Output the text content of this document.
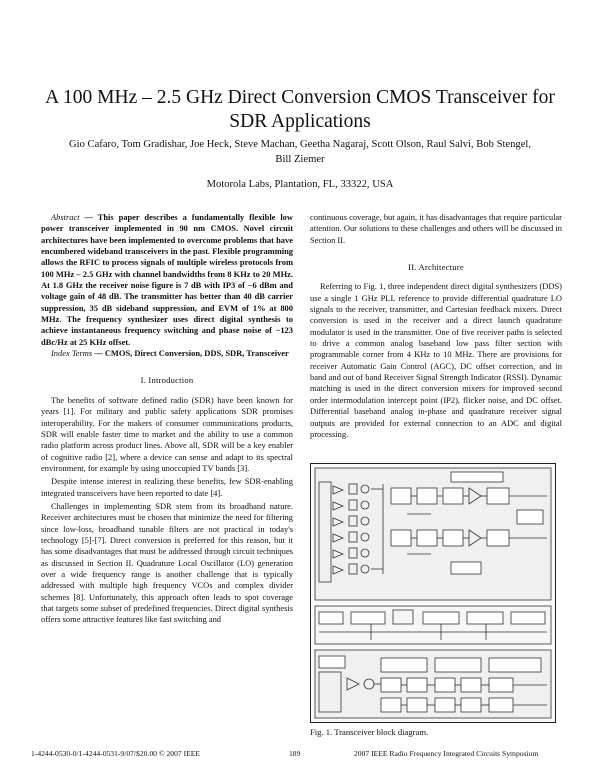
A 100 MHz – 2.5 GHz Direct Conversion CMOS Transceiver for SDR Applications
Gio Cafaro, Tom Gradishar, Joe Heck, Steve Machan, Geetha Nagaraj, Scott Olson, Raul Salvi, Bob Stengel, Bill Ziemer
Motorola Labs, Plantation, FL, 33322, USA

Abstract — This paper describes a fundamentally flexible low power transceiver implemented in 90 nm CMOS. Novel circuit architectures have been implemented to overcome problems that have encumbered wideband transceivers in the past. Flexible programming allows the RFIC to process signals of multiple wireless protocols from 100 MHz – 2.5 GHz with channel bandwidths from 8 KHz to 20 MHz. At 1.8 GHz the receiver noise figure is 7 dB with IP3 of −6 dBm and voltage gain of 48 dB. The transmitter has better than 40 dB carrier suppression, 35 dB sideband suppression, and EVM of 1% at 800 MHz. The frequency synthesizer uses direct digital synthesis to achieve instantaneous frequency switching and phase noise of −123 dBc/Hz at 25 KHz offset.

Index Terms — CMOS, Direct Conversion, DDS, SDR, Transceiver

I. Introduction

The benefits of software defined radio (SDR) have been known for years [1]. For military and public safety applications SDR promises interoperability. For the makers of consumer communications products, SDR will enable faster time to market and the ability to use a common radio platform across product lines. Above all, SDR will be a key enabler of cognitive radio [2], where a device can sense and adapt to its spectral environment, for example by using unoccupied TV bands [3].

Despite intense interest in realizing these benefits, few SDR-enabling integrated transceivers have been reported to date [4].

Challenges in implementing SDR stem from its broadband nature. Receiver architectures must be chosen that minimize the need for filtering since low-loss, broadband tunable filters are not practical in today's technology [5]-[7]. Direct conversion is preferred for this reason, but it has some disadvantages that must be addressed through circuit techniques as discussed in Section II. Quadrature Local Oscillator (LO) generation over a wide frequency range is another challenge that is typically addressed with multiple high frequency VCOs and complex divider schemes [8]. Unfortunately, this approach often leads to spot coverage that targets some subset of predefined frequencies. Direct digital synthesis offers some attractive features like fast switching and

continuous coverage, but again, it has disadvantages that require particular attention. Our solutions to these challenges and others will be discussed in Section II.

II. Architecture

Referring to Fig. 1, three independent direct digital synthesizers (DDS) use a single 1 GHz PLL reference to provide differential quadrature LO signals to the receiver, transmitter, and Cartesian feedback mixers. Direct conversion is used in the receiver and a direct launch quadrature modulator is used in the transmitter. One of five receiver paths is selected to drive a common analog baseband low pass filter section with programmable corner from 4 KHz to 10 MHz. There are provisions for receiver Automatic Gain Control (AGC), DC offset correction, and in band and out of band Receiver Signal Strength Indicator (RSSI). Dynamic matching is used in the direct conversion mixers for improved second order intermodulation intercept point (IP2), flicker noise, and DC offset. Differential baseband analog in-phase and quadrature receiver signal outputs are provided for external connection to an ADC and digital processing.

Fig. 1. Transceiver block diagram.
1-4244-0530-0/1-4244-0531-9/07/$20.00 © 2007 IEEE	189	2007 IEEE Radio Frequency Integrated Circuits Symposium
